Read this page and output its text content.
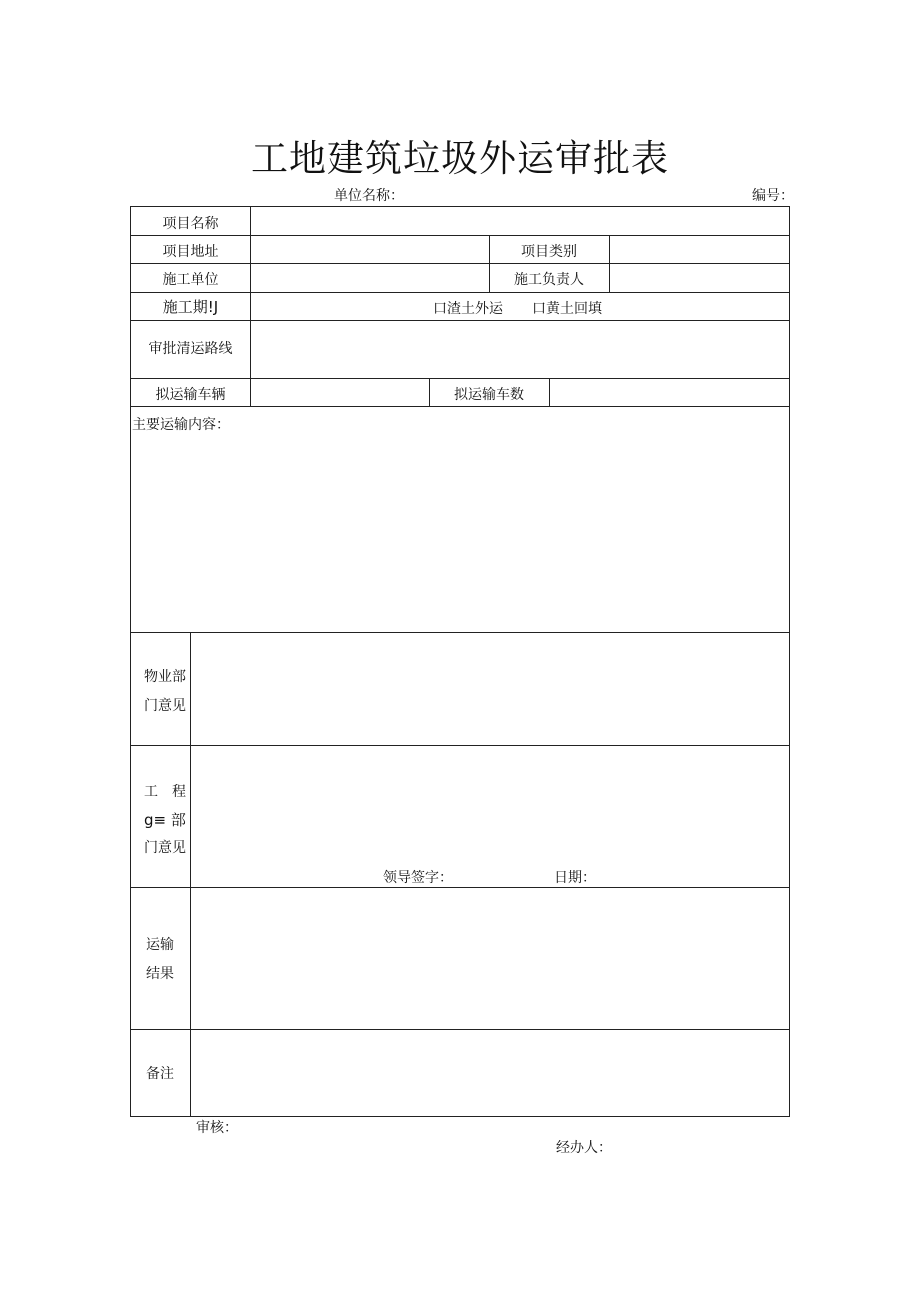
工地建筑垃圾外运审批表
单位名称：	编号：
项目名称
项目地址	项目类别
施工单位	施工负责人
施工期!J	口渣土外运 口黄土回填
审批清运路线
拟运输车辆	拟运输车数
主要运输内容：
物业部
门意见
工　程
g≡ 部
门意见
领导签字：	日期：
运输
结果
备注
审核：
经办人：
